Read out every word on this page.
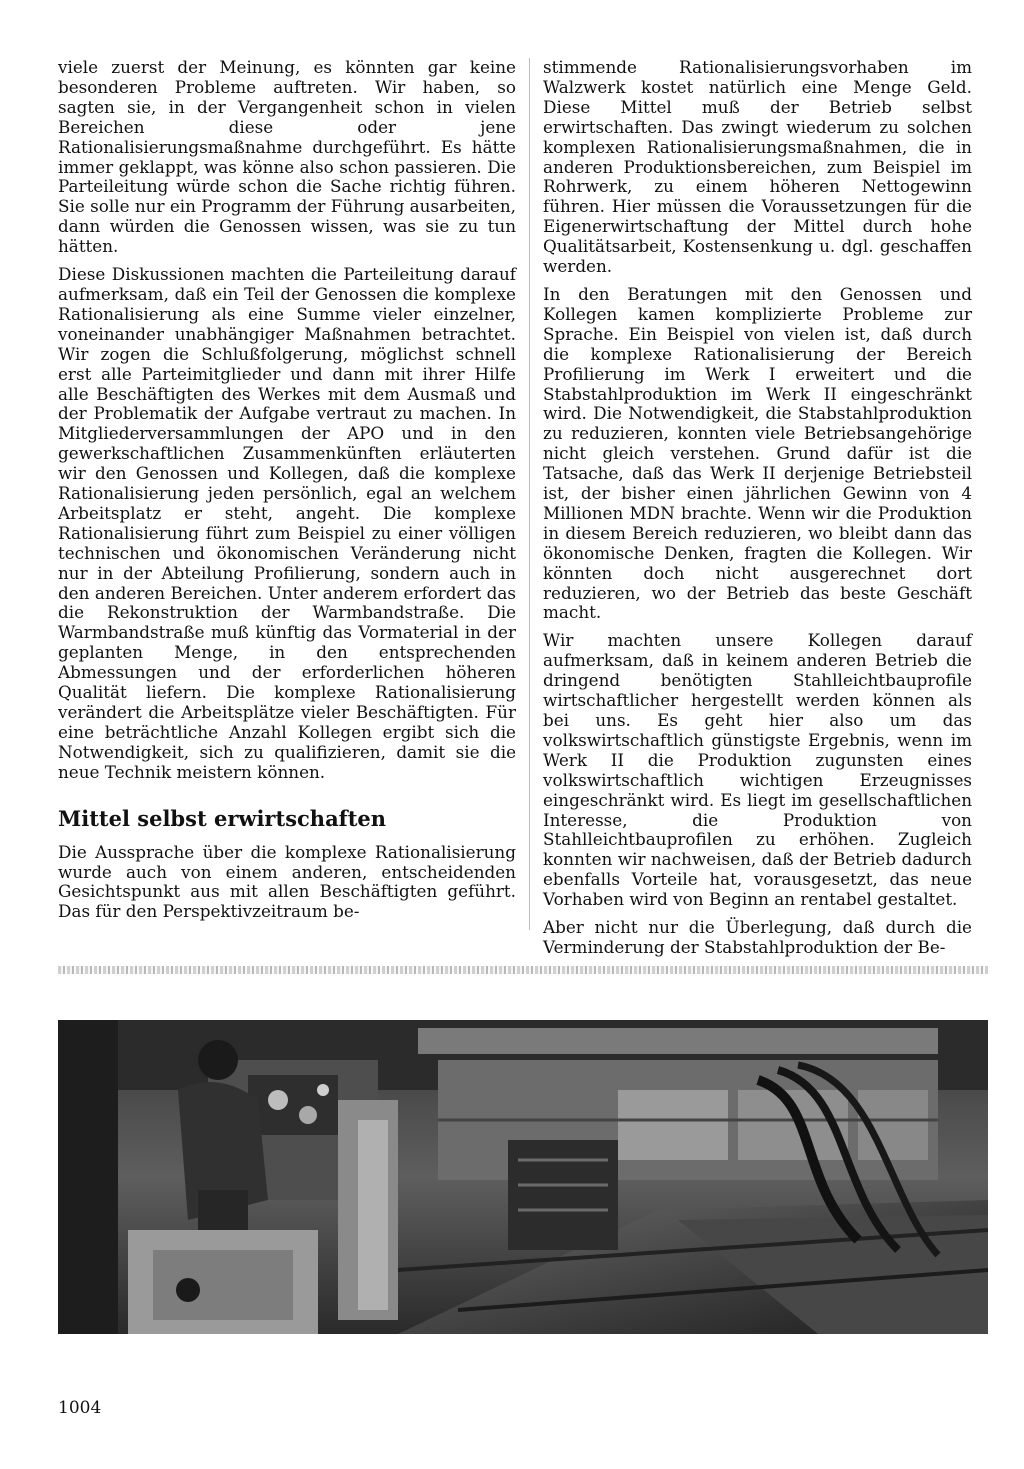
viele zuerst der Meinung, es könnten gar keine besonderen Probleme auftreten. Wir haben, so sagten sie, in der Vergangenheit schon in vielen Bereichen diese oder jene Rationalisierungsmaßnahme durchgeführt. Es hätte immer geklappt, was könne also schon passieren. Die Parteileitung würde schon die Sache richtig führen. Sie solle nur ein Programm der Führung ausarbeiten, dann würden die Genossen wissen, was sie zu tun hätten.

Diese Diskussionen machten die Parteileitung darauf aufmerksam, daß ein Teil der Genossen die komplexe Rationalisierung als eine Summe vieler einzelner, voneinander unabhängiger Maßnahmen betrachtet. Wir zogen die Schlußfolgerung, möglichst schnell erst alle Parteimitglieder und dann mit ihrer Hilfe alle Beschäftigten des Werkes mit dem Ausmaß und der Problematik der Aufgabe vertraut zu machen. In Mitgliederversammlungen der APO und in den gewerkschaftlichen Zusammenkünften erläuterten wir den Genossen und Kollegen, daß die komplexe Rationalisierung jeden persönlich, egal an welchem Arbeitsplatz er steht, angeht. Die komplexe Rationalisierung führt zum Beispiel zu einer völligen technischen und ökonomischen Veränderung nicht nur in der Abteilung Profilierung, sondern auch in den anderen Bereichen. Unter anderem erfordert das die Rekonstruktion der Warmbandstraße. Die Warmbandstraße muß künftig das Vormaterial in der geplanten Menge, in den entsprechenden Abmessungen und der erforderlichen höheren Qualität liefern. Die komplexe Rationalisierung verändert die Arbeitsplätze vieler Beschäftigten. Für eine beträchtliche Anzahl Kollegen ergibt sich die Notwendigkeit, sich zu qualifizieren, damit sie die neue Technik meistern können.

Mittel selbst erwirtschaften

Die Aussprache über die komplexe Rationalisierung wurde auch von einem anderen, entscheidenden Gesichtspunkt aus mit allen Beschäftigten geführt. Das für den Perspektivzeitraum be-

stimmende Rationalisierungsvorhaben im Walzwerk kostet natürlich eine Menge Geld. Diese Mittel muß der Betrieb selbst erwirtschaften. Das zwingt wiederum zu solchen komplexen Rationalisierungsmaßnahmen, die in anderen Produktionsbereichen, zum Beispiel im Rohrwerk, zu einem höheren Nettogewinn führen. Hier müssen die Voraussetzungen für die Eigenerwirtschaftung der Mittel durch hohe Qualitätsarbeit, Kostensenkung u. dgl. geschaffen werden.

In den Beratungen mit den Genossen und Kollegen kamen komplizierte Probleme zur Sprache. Ein Beispiel von vielen ist, daß durch die komplexe Rationalisierung der Bereich Profilierung im Werk I erweitert und die Stabstahlproduktion im Werk II eingeschränkt wird. Die Notwendigkeit, die Stabstahlproduktion zu reduzieren, konnten viele Betriebsangehörige nicht gleich verstehen. Grund dafür ist die Tatsache, daß das Werk II derjenige Betriebsteil ist, der bisher einen jährlichen Gewinn von 4 Millionen MDN brachte. Wenn wir die Produktion in diesem Bereich reduzieren, wo bleibt dann das ökonomische Denken, fragten die Kollegen. Wir könnten doch nicht ausgerechnet dort reduzieren, wo der Betrieb das beste Geschäft macht.

Wir machten unsere Kollegen darauf aufmerksam, daß in keinem anderen Betrieb die dringend benötigten Stahlleichtbauprofile wirtschaftlicher hergestellt werden können als bei uns. Es geht hier also um das volkswirtschaftlich günstigste Ergebnis, wenn im Werk II die Produktion zugunsten eines volkswirtschaftlich wichtigen Erzeugnisses eingeschränkt wird. Es liegt im gesellschaftlichen Interesse, die Produktion von Stahlleichtbauprofilen zu erhöhen. Zugleich konnten wir nachweisen, daß der Betrieb dadurch ebenfalls Vorteile hat, vorausgesetzt, das neue Vorhaben wird von Beginn an rentabel gestaltet.

Aber nicht nur die Überlegung, daß durch die Verminderung der Stabstahlproduktion der Be-

1004
